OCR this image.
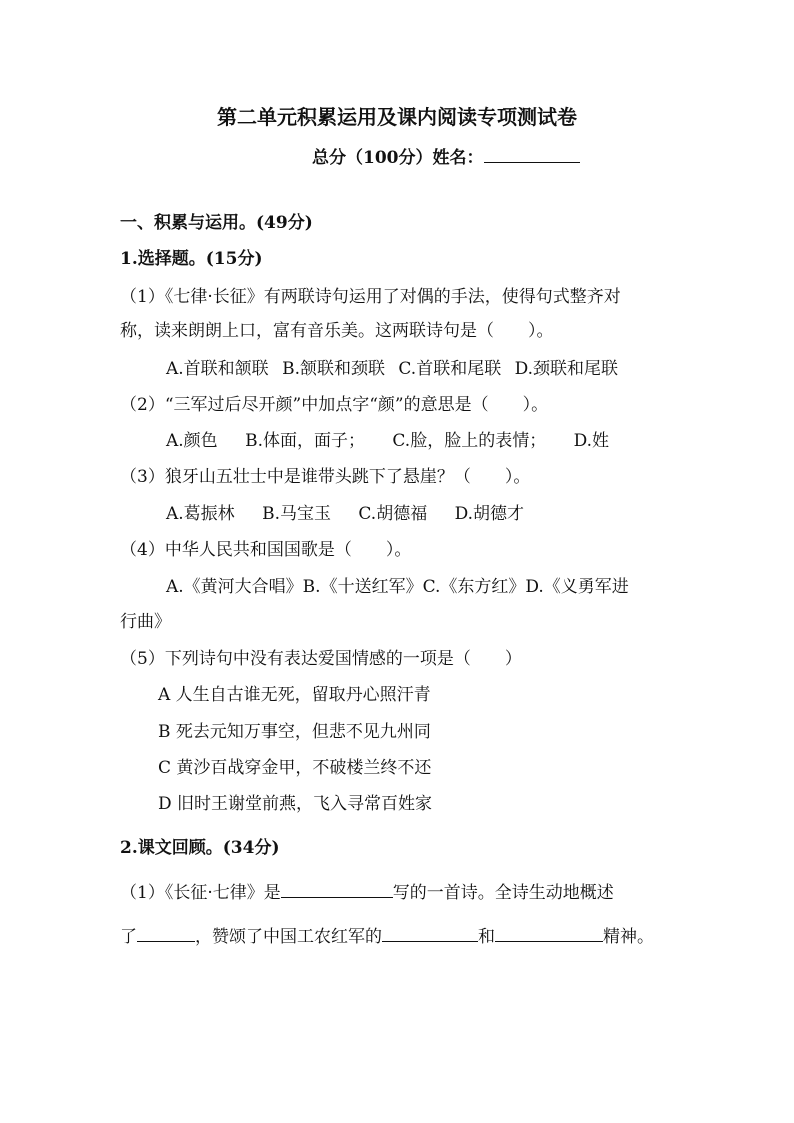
第二单元积累运用及课内阅读专项测试卷
总分（100分）姓名：
一、积累与运用。(49分)
1.选择题。(15分)
（1）《七律·长征》有两联诗句运用了对偶的手法，使得句式整齐对
称，读来朗朗上口，富有音乐美。这两联诗句是（　　）。
A.首联和颔联 B.颔联和颈联 C.首联和尾联 D.颈联和尾联
（2）“三军过后尽开颜”中加点字“颜”的意思是（　　）。
A.颜色 B.体面，面子； C.脸，脸上的表情； D.姓
（3）狼牙山五壮士中是谁带头跳下了悬崖？（　　）。
A.葛振林 B.马宝玉 C.胡德福 D.胡德才
（4）中华人民共和国国歌是（　　）。
A.《黄河大合唱》B.《十送红军》C.《东方红》D.《义勇军进
行曲》
（5）下列诗句中没有表达爱国情感的一项是（　　）
A 人生自古谁无死，留取丹心照汗青
B 死去元知万事空，但悲不见九州同
C 黄沙百战穿金甲，不破楼兰终不还
D 旧时王谢堂前燕，飞入寻常百姓家
2.课文回顾。(34分)
（1）《长征·七律》是	写的一首诗。全诗生动地概述
了	，赞颂了中国工农红军的	和	精神。
